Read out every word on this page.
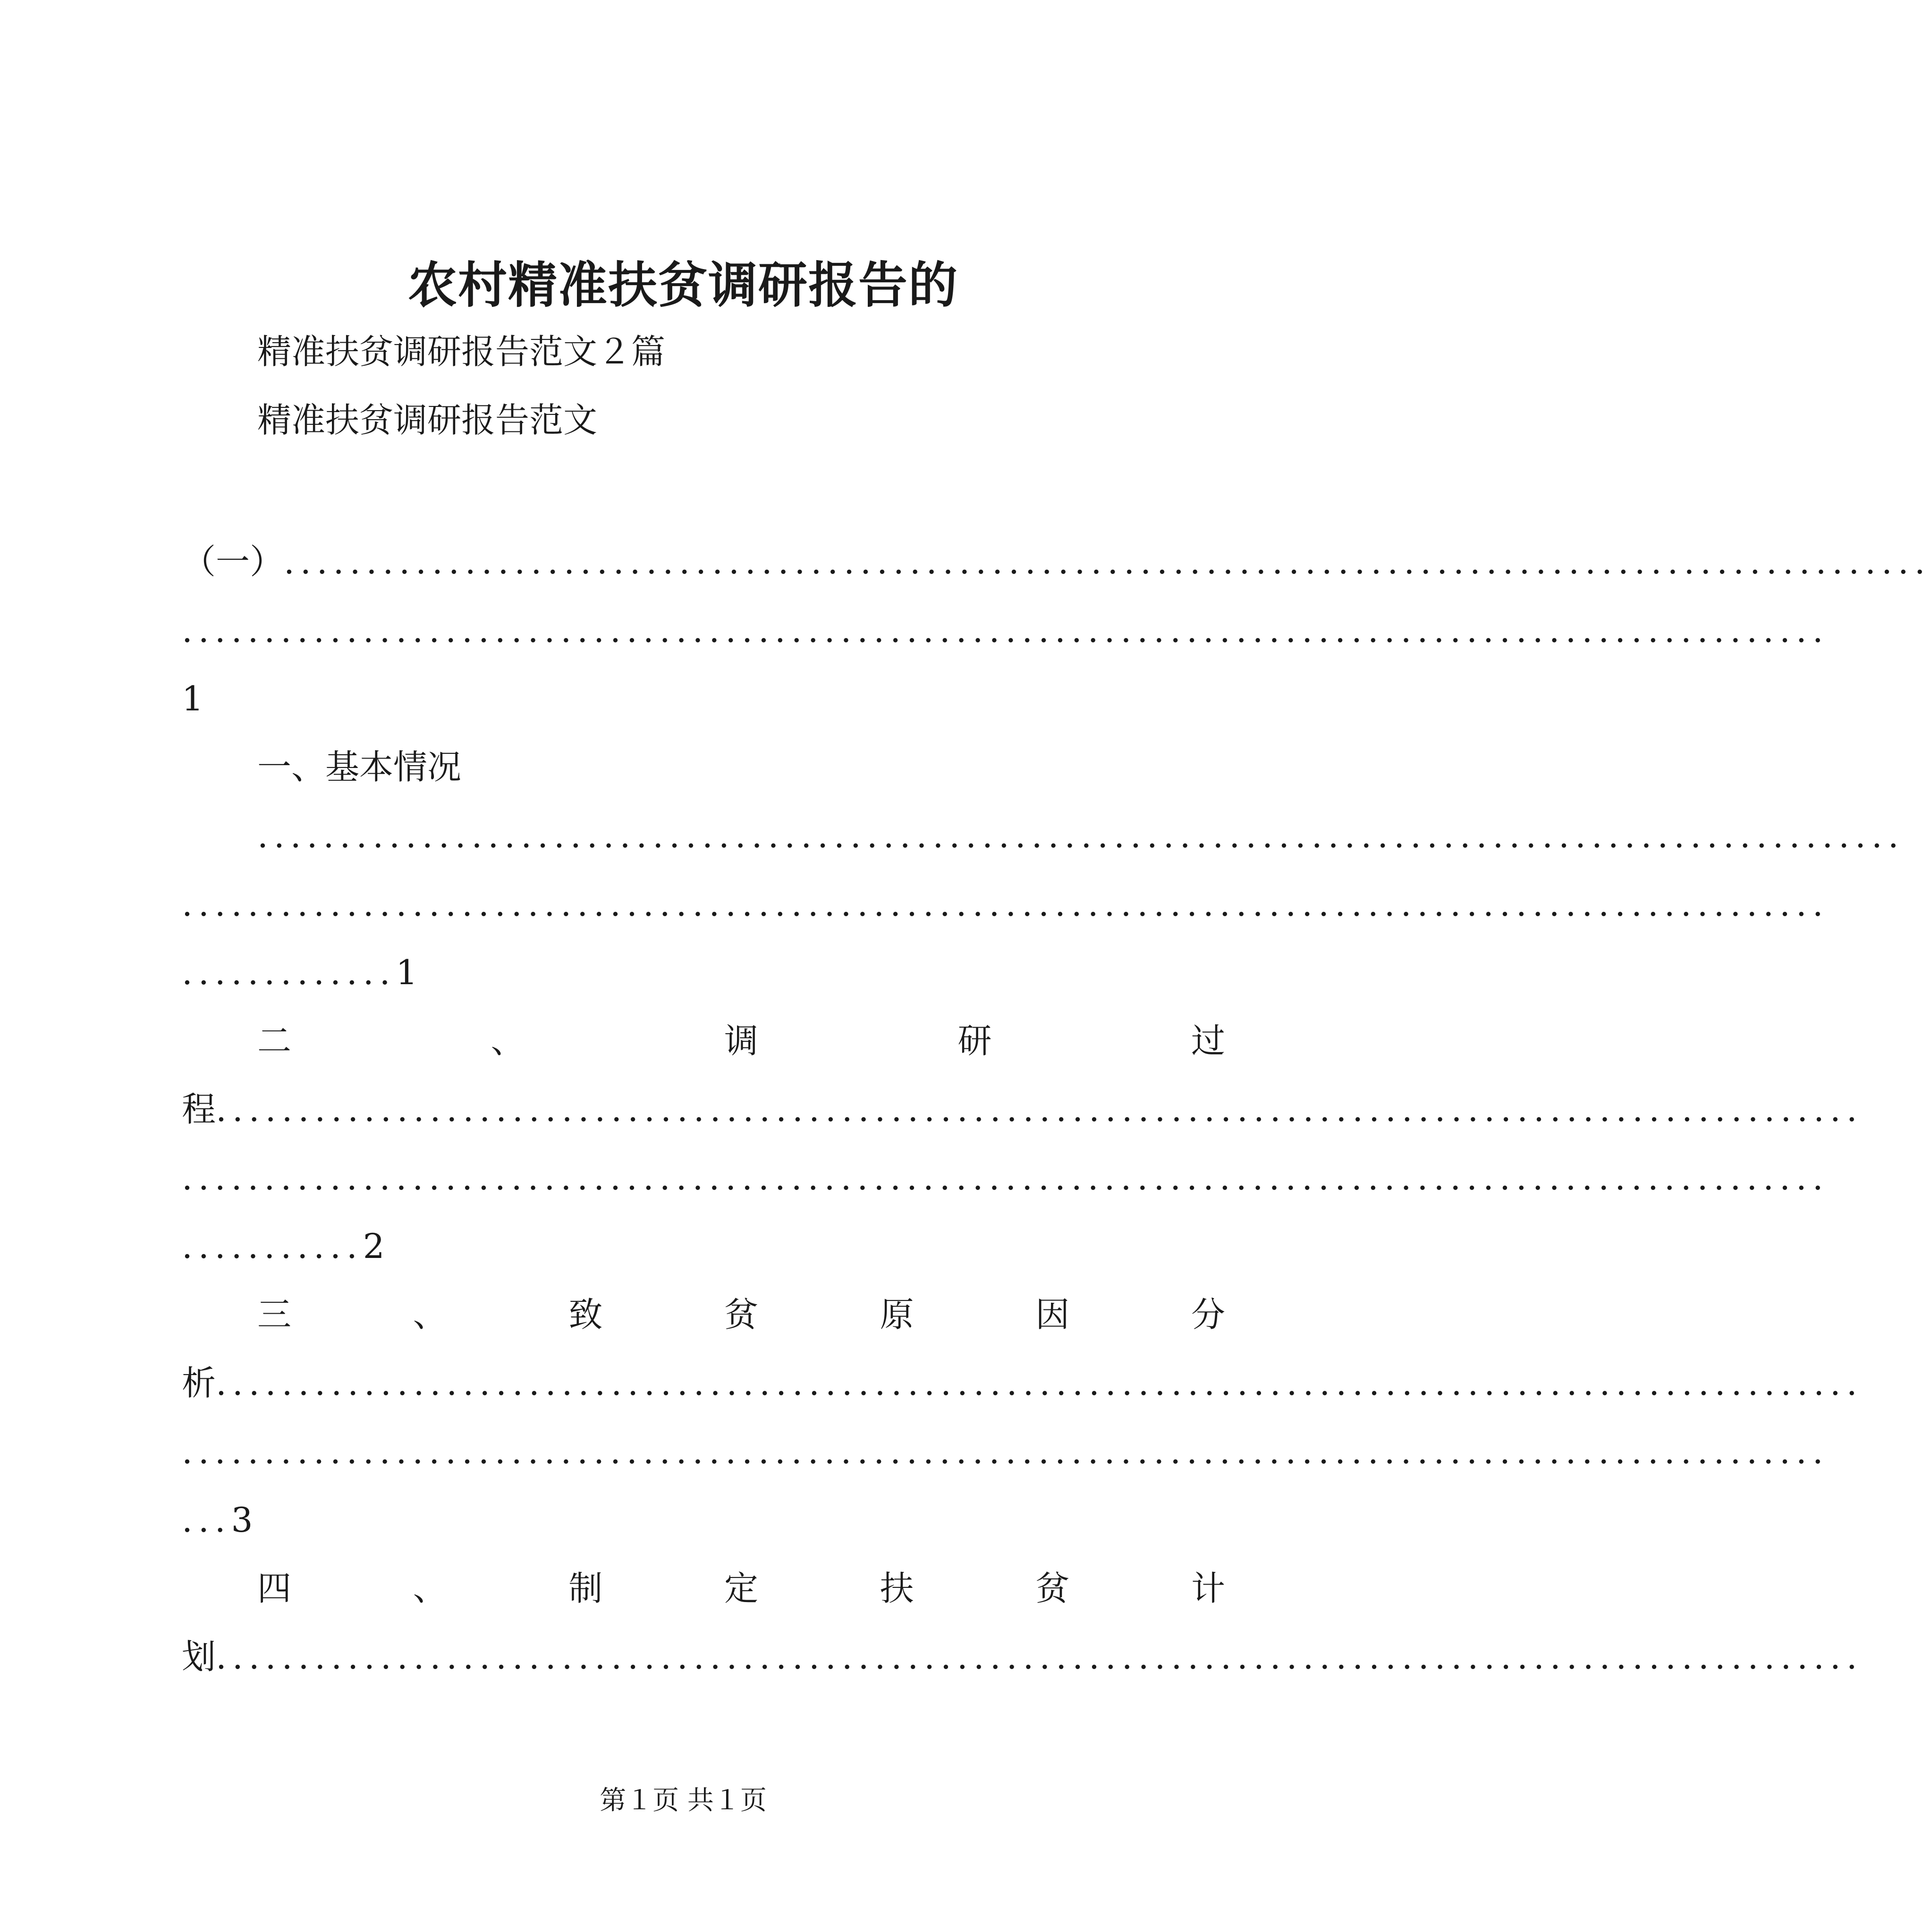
农村精准扶贫调研报告的
精准扶贫调研报告范文２篇
精准扶贫调研报告范文
（一） ....................................................................................................
....................................................................................................
1
一、基本情况
....................................................................................................
....................................................................................................
.............1
二	、	调	研	过
程 ....................................................................................................
....................................................................................................
...........2
三	、	致	贫	原	因	分
析 ....................................................................................................
....................................................................................................
...3
四	、	制	定	扶	贫	计
划 ....................................................................................................
第１页 共１页
